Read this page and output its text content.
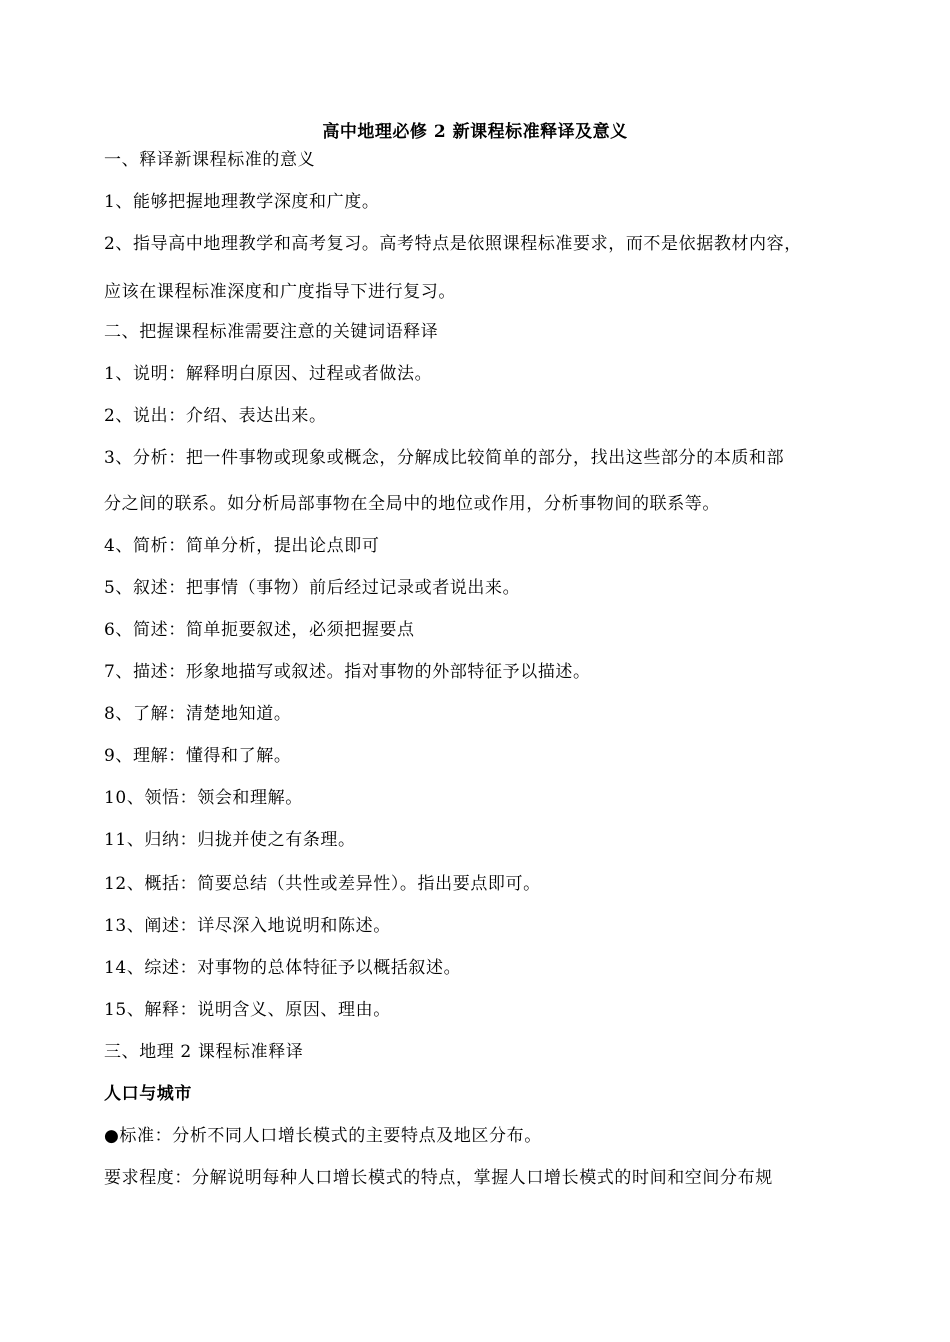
高中地理必修 2 新课程标准释译及意义
一、释译新课程标准的意义
1、能够把握地理教学深度和广度。
2、指导高中地理教学和高考复习。高考特点是依照课程标准要求，而不是依据教材内容，
应该在课程标准深度和广度指导下进行复习。
二、把握课程标准需要注意的关键词语释译
1、说明：解释明白原因、过程或者做法。
2、说出：介绍、表达出来。
3、分析：把一件事物或现象或概念，分解成比较简单的部分，找出这些部分的本质和部
分之间的联系。如分析局部事物在全局中的地位或作用，分析事物间的联系等。
4、简析：简单分析，提出论点即可
5、叙述：把事情（事物）前后经过记录或者说出来。
6、简述：简单扼要叙述，必须把握要点
7、描述：形象地描写或叙述。指对事物的外部特征予以描述。
8、了解：清楚地知道。
9、理解：懂得和了解。
10、领悟：领会和理解。
11、归纳：归拢并使之有条理。
12、概括：简要总结（共性或差异性）。指出要点即可。
13、阐述：详尽深入地说明和陈述。
14、综述：对事物的总体特征予以概括叙述。
15、解释：说明含义、原因、理由。
三、地理 2 课程标准释译
人口与城市
●标准：分析不同人口增长模式的主要特点及地区分布。
要求程度：分解说明每种人口增长模式的特点，掌握人口增长模式的时间和空间分布规
